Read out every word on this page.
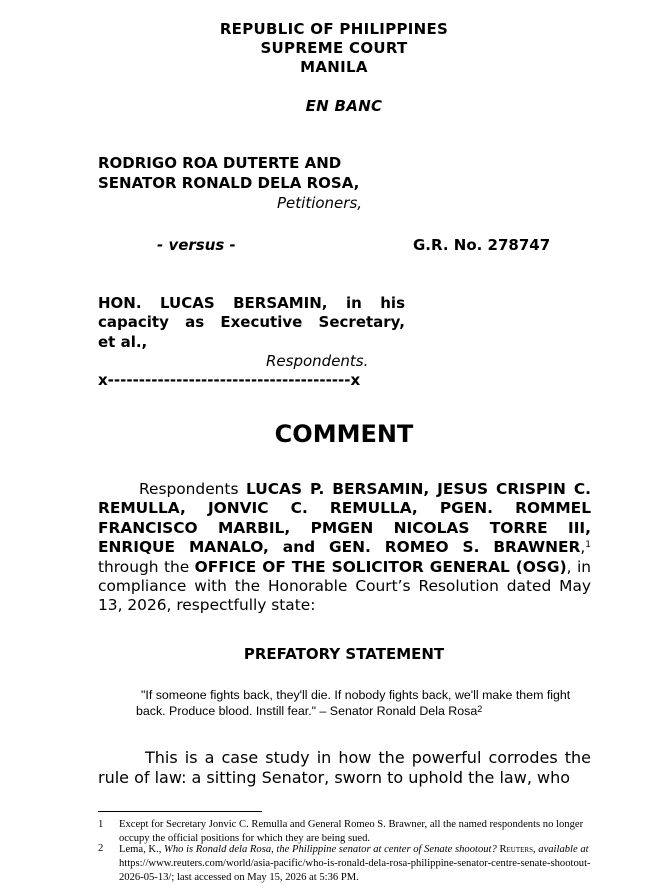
REPUBLIC OF PHILIPPINES
SUPREME COURT
MANILA
EN BANC
RODRIGO ROA DUTERTE AND
SENATOR RONALD DELA ROSA,
Petitioners,
- versus -	G.R. No. 278747
HON. LUCAS BERSAMIN, in his
capacity as Executive Secretary,
et al.,
Respondents.
x---------------------------------------x
COMMENT
Respondents LUCAS P. BERSAMIN, JESUS CRISPIN C. REMULLA, JONVIC C. REMULLA, PGEN. ROMMEL FRANCISCO MARBIL, PMGEN NICOLAS TORRE III, ENRIQUE MANALO, and GEN. ROMEO S. BRAWNER,$^1$ through the OFFICE OF THE SOLICITOR GENERAL (OSG), in compliance with the Honorable Court’s Resolution dated May 13, 2026, respectfully state:
PREFATORY STATEMENT
"If someone fights back, they'll die. If nobody fights back, we'll make them fight back. Produce blood. Instill fear." – Senator Ronald Dela Rosa$^2$
This is a case study in how the powerful corrodes the rule of law: a sitting Senator, sworn to uphold the law, who
1 Except for Secretary Jonvic C. Remulla and General Romeo S. Brawner, all the named respondents no longer occupy the official positions for which they are being sued.
2 Lema, K., Who is Ronald dela Rosa, the Philippine senator at center of Senate shootout? Reuters, available at https://www.reuters.com/world/asia-pacific/who-is-ronald-dela-rosa-philippine-senator-centre-senate-shootout-2026-05-13/; last accessed on May 15, 2026 at 5:36 PM.
